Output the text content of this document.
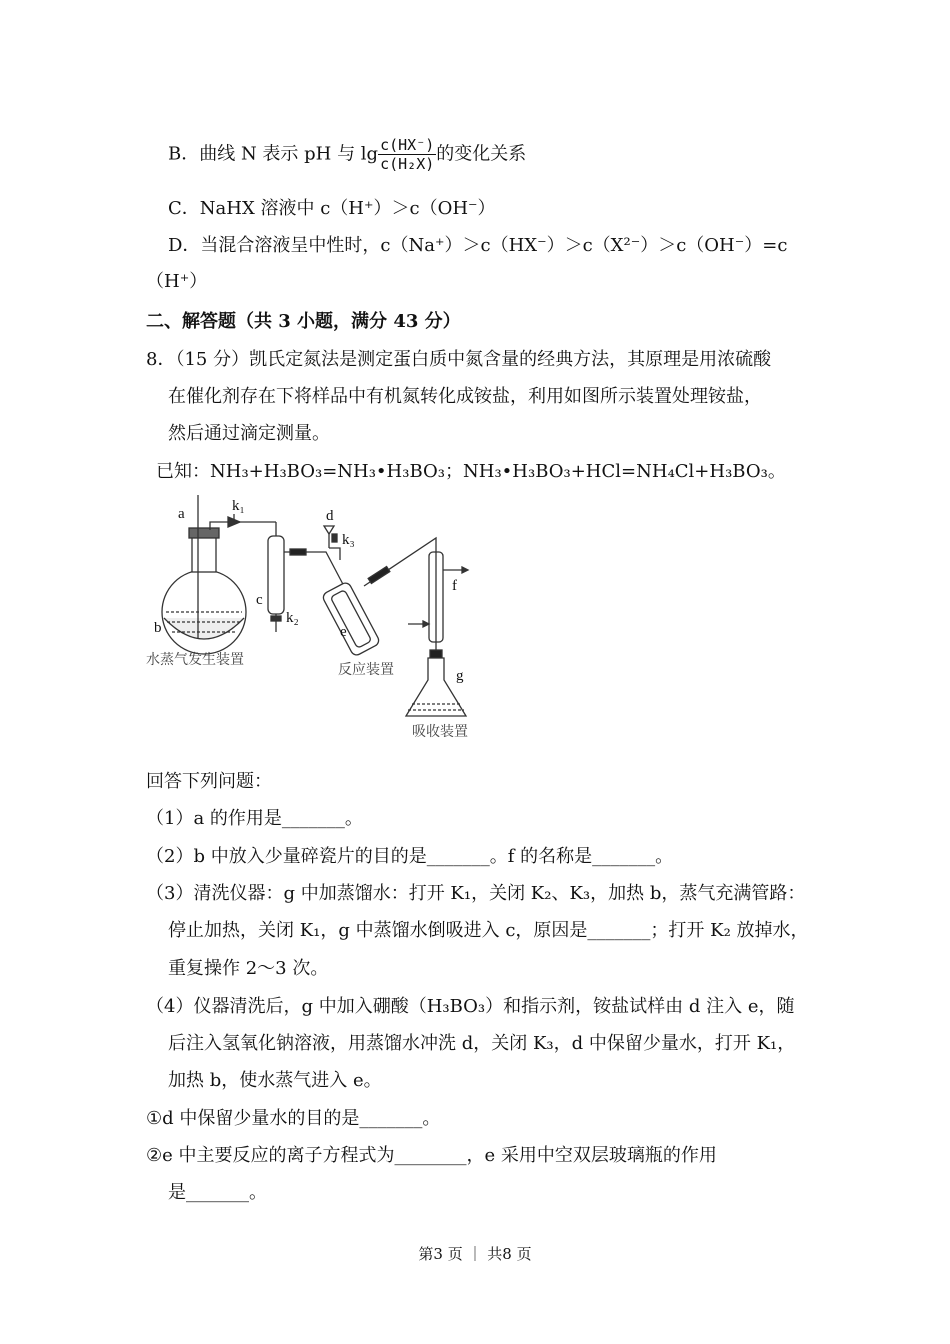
B．曲线 N 表示 pH 与 $\lg \frac{c(HX^-)}{\text{c(H₂X)}}$ 的变化关系
C．NaHX 溶液中 c（H⁺）＞c（OH⁻）
D．当混合溶液呈中性时，c（Na⁺）＞c（HX⁻）＞c（X²⁻）＞c（OH⁻）=c
（H⁺）
二、解答题（共 3 小题，满分 43 分）
8．（15 分）凯氏定氮法是测定蛋白质中氮含量的经典方法，其原理是用浓硫酸
在催化剂存在下将样品中有机氮转化成铵盐，利用如图所示装置处理铵盐，
然后通过滴定测量。
已知：NH₃+H₃BO₃=NH₃•H₃BO₃；NH₃•H₃BO₃+HCl=NH₄Cl+H₃BO₃。
a	k₁
b
c
k₂
d
k₃
e
f
g
水蒸气发生装置
反应装置
吸收装置
回答下列问题：
（1）a 的作用是_______。
（2）b 中放入少量碎瓷片的目的是_______。f 的名称是_______。
（3）清洗仪器：g 中加蒸馏水：打开 K₁，关闭 K₂、K₃，加热 b，蒸气充满管路：
停止加热，关闭 K₁，g 中蒸馏水倒吸进入 c，原因是_______；打开 K₂ 放掉水，
重复操作 2～3 次。
（4）仪器清洗后，g 中加入硼酸（H₃BO₃）和指示剂，铵盐试样由 d 注入 e，随
后注入氢氧化钠溶液，用蒸馏水冲洗 d，关闭 K₃，d 中保留少量水，打开 K₁，
加热 b，使水蒸气进入 e。
①d 中保留少量水的目的是_______。
②e 中主要反应的离子方程式为________，e 采用中空双层玻璃瓶的作用
是_______。
第3 页 ｜ 共8 页
